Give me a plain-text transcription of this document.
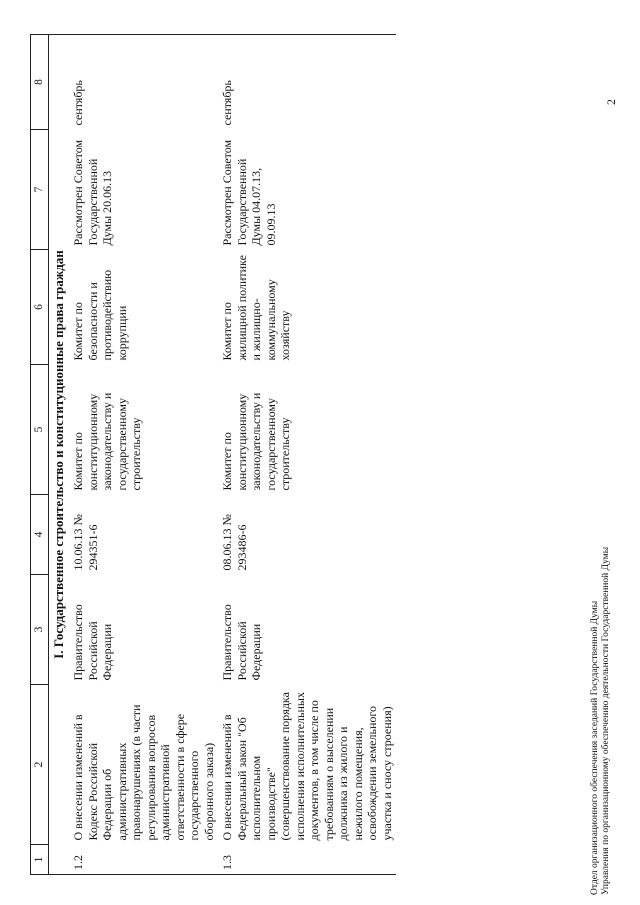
1	2	3	4	5	6	7	8
I. Государственное строительство и конституционные права граждан							
1.2	О внесении изменений в Кодекс Российской Федерации об административных правонарушениях (в части регулирования вопросов административной ответственности в сфере государственного оборонного заказа)	Правительство Российской Федерации	10.06.13 № 294351-6	Комитет по конституционному законодательству и государственному строительству	Комитет по безопасности и противодействию коррупции	Рассмотрен Советом Государственной Думы 20.06.13	сентябрь
1.3	О внесении изменений в Федеральный закон "Об исполнительном производстве" (совершенствование порядка исполнения исполнительных документов, в том числе по требованиям о выселении должника из жилого и нежилого помещения, освобождении земельного участка и сносу строения)	Правительство Российской Федерации	08.06.13 № 293486-6	Комитет по конституционному законодательству и государственному строительству	Комитет по жилищной политике и жилищно-коммунальному хозяйству	Рассмотрен Советом Государственной Думы 04.07.13, 09.09.13	сентябрь
Отдел организационного обеспечения заседаний Государственной Думы Управления по организационному обеспечению деятельности Государственной Думы
2
